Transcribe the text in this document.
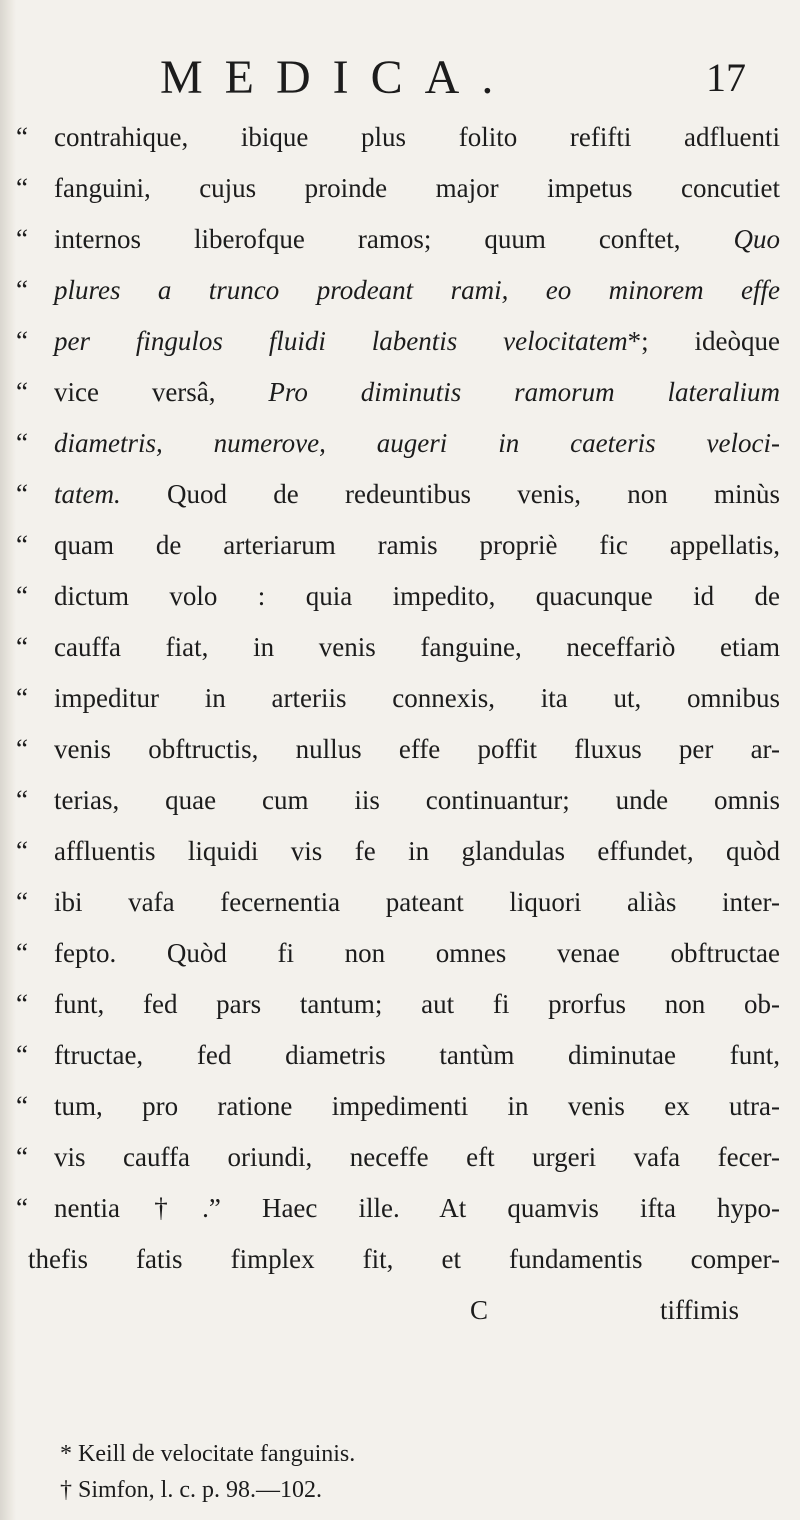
MEDICA.	17
“ contrahique, ibique plus folito refifti adfluenti
“ fanguini, cujus proinde major impetus concutiet
“ internos liberofque ramos; quum conftet, Quo
“ plures a trunco prodeant rami, eo minorem effe
“ per fingulos fluidi labentis velocitatem*; ideòque
“ vice versâ, Pro diminutis ramorum lateralium
“ diametris, numerove, augeri in caeteris veloci-
“ tatem. Quod de redeuntibus venis, non minùs
“ quam de arteriarum ramis propriè fic appellatis,
“ dictum volo : quia impedito, quacunque id de
“ cauffa fiat, in venis fanguine, neceffariò etiam
“ impeditur in arteriis connexis, ita ut, omnibus
“ venis obftructis, nullus effe poffit fluxus per ar-
“ terias, quae cum iis continuantur; unde omnis
“ affluentis liquidi vis fe in glandulas effundet, quòd
“ ibi vafa fecernentia pateant liquori aliàs inter-
“ fepto. Quòd fi non omnes venae obftructae
“ funt, fed pars tantum; aut fi prorfus non ob-
“ ftructae, fed diametris tantùm diminutae funt,
“ tum, pro ratione impedimenti in venis ex utra-
“ vis cauffa oriundi, neceffe eft urgeri vafa fecer-
“ nentia†.” Haec ille. At quamvis ifta hypo-
thefis fatis fimplex fit, et fundamentis comper-
C	tiffimis
* Keill de velocitate fanguinis.
† Simfon, l. c. p. 98.—102.
